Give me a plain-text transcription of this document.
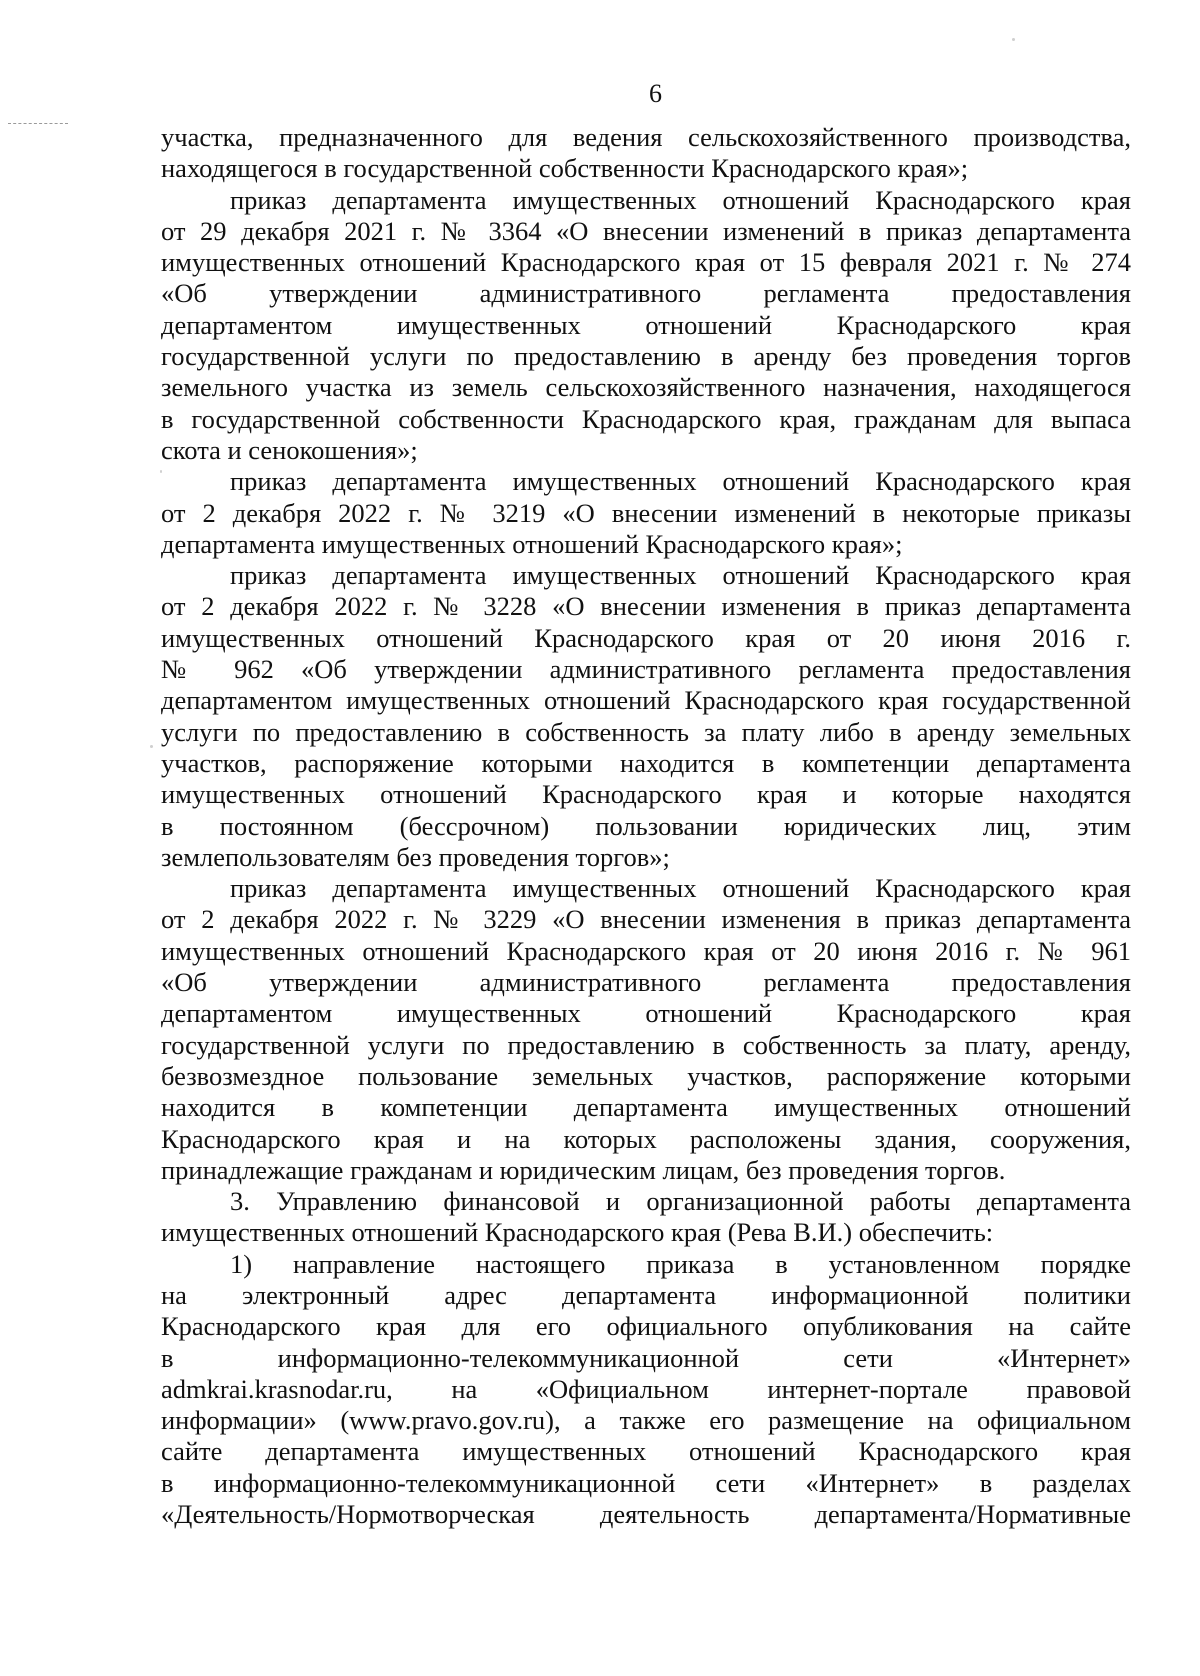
6

участка, предназначенного для ведения сельскохозяйственного производства,
находящегося в государственной собственности Краснодарского края»;

приказ департамента имущественных отношений Краснодарского края
от 29 декабря 2021 г. № 3364 «О внесении изменений в приказ департамента
имущественных отношений Краснодарского края от 15 февраля 2021 г. № 274
«Об утверждении административного регламента предоставления
департаментом имущественных отношений Краснодарского края
государственной услуги по предоставлению в аренду без проведения торгов
земельного участка из земель сельскохозяйственного назначения, находящегося
в государственной собственности Краснодарского края, гражданам для выпаса
скота и сенокошения»;

приказ департамента имущественных отношений Краснодарского края
от 2 декабря 2022 г. № 3219 «О внесении изменений в некоторые приказы
департамента имущественных отношений Краснодарского края»;

приказ департамента имущественных отношений Краснодарского края
от 2 декабря 2022 г. № 3228 «О внесении изменения в приказ департамента
имущественных отношений Краснодарского края от 20 июня 2016 г.
№ 962 «Об утверждении административного регламента предоставления
департаментом имущественных отношений Краснодарского края государственной
услуги по предоставлению в собственность за плату либо в аренду земельных
участков, распоряжение которыми находится в компетенции департамента
имущественных отношений Краснодарского края и которые находятся
в постоянном (бессрочном) пользовании юридических лиц, этим
землепользователям без проведения торгов»;

приказ департамента имущественных отношений Краснодарского края
от 2 декабря 2022 г. № 3229 «О внесении изменения в приказ департамента
имущественных отношений Краснодарского края от 20 июня 2016 г. № 961
«Об утверждении административного регламента предоставления
департаментом имущественных отношений Краснодарского края
государственной услуги по предоставлению в собственность за плату, аренду,
безвозмездное пользование земельных участков, распоряжение которыми
находится в компетенции департамента имущественных отношений
Краснодарского края и на которых расположены здания, сооружения,
принадлежащие гражданам и юридическим лицам, без проведения торгов.

3. Управлению финансовой и организационной работы департамента
имущественных отношений Краснодарского края (Рева В.И.) обеспечить:

1) направление настоящего приказа в установленном порядке
на электронный адрес департамента информационной политики
Краснодарского края для его официального опубликования на сайте
в информационно-телекоммуникационной сети «Интернет»
admkrai.krasnodar.ru, на «Официальном интернет-портале правовой
информации» (www.pravo.gov.ru), а также его размещение на официальном
сайте департамента имущественных отношений Краснодарского края
в информационно-телекоммуникационной сети «Интернет» в разделах
«Деятельность/Нормотворческая деятельность департамента/Нормативные
